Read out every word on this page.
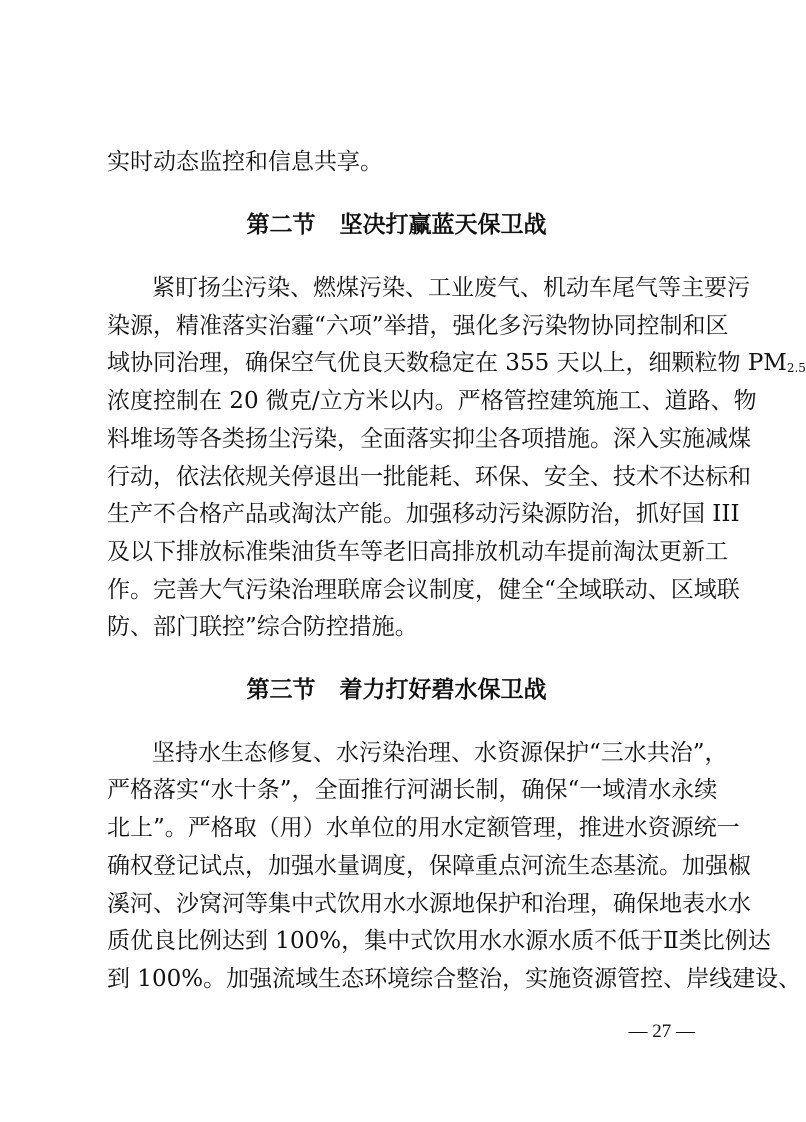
实时动态监控和信息共享。
第二节   坚决打赢蓝天保卫战
紧盯扬尘污染、燃煤污染、工业废气、机动车尾气等主要污
染源，精准落实治霾“六项”举措，强化多污染物协同控制和区
域协同治理，确保空气优良天数稳定在 355 天以上，细颗粒物 $PM_{2.5}$
浓度控制在 20 微克/立方米以内。严格管控建筑施工、道路、物
料堆场等各类扬尘污染，全面落实抑尘各项措施。深入实施减煤
行动，依法依规关停退出一批能耗、环保、安全、技术不达标和
生产不合格产品或淘汰产能。加强移动污染源防治，抓好国 III
及以下排放标准柴油货车等老旧高排放机动车提前淘汰更新工
作。完善大气污染治理联席会议制度，健全“全域联动、区域联
防、部门联控”综合防控措施。
第三节   着力打好碧水保卫战
坚持水生态修复、水污染治理、水资源保护“三水共治”，
严格落实“水十条”，全面推行河湖长制，确保“一域清水永续
北上”。严格取（用）水单位的用水定额管理，推进水资源统一
确权登记试点，加强水量调度，保障重点河流生态基流。加强椒
溪河、沙窝河等集中式饮用水水源地保护和治理，确保地表水水
质优良比例达到 100%，集中式饮用水水源水质不低于Ⅱ类比例达
到 100%。加强流域生态环境综合整治，实施资源管控、岸线建设、
— 27 —
